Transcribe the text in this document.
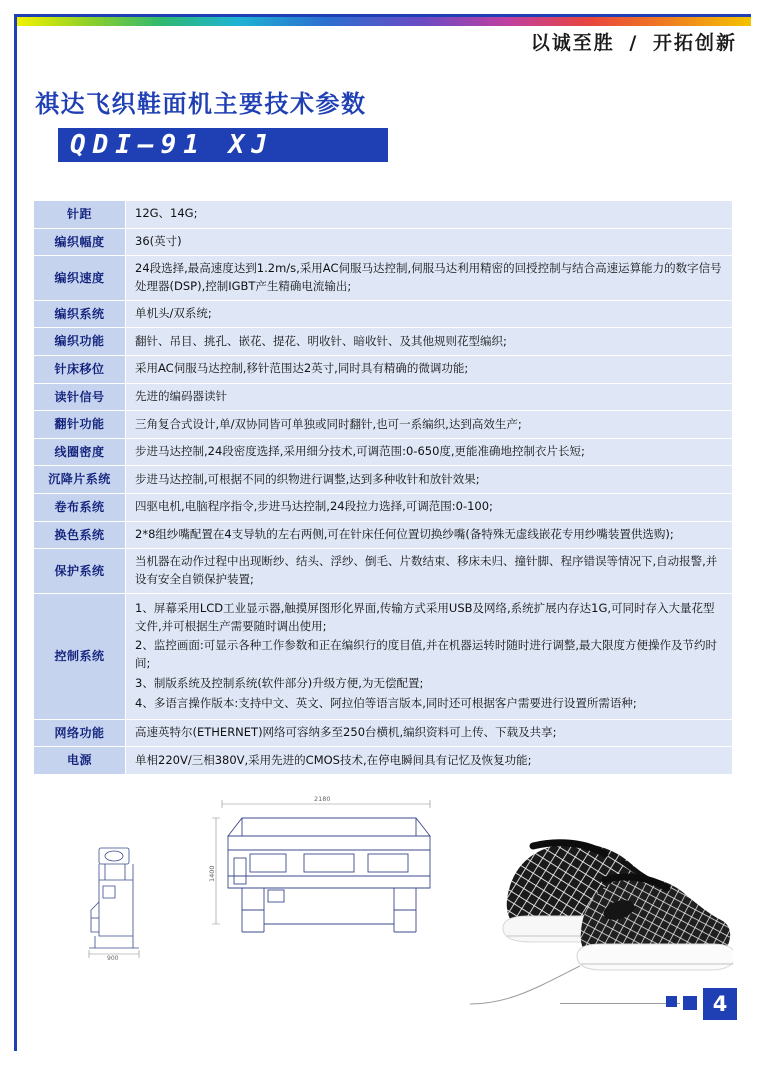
以诚至胜 / 开拓创新
祺达飞织鞋面机主要技术参数
QDI—91 XJ
针距	12G、14G;
编织幅度	36(英寸)
编织速度	24段选择,最高速度达到1.2m/s,采用AC伺服马达控制,伺服马达利用精密的回授控制与结合高速运算能力的数字信号处理器(DSP),控制IGBT产生精确电流输出;
编织系统	单机头/双系统;
编织功能	翻针、吊目、挑孔、嵌花、提花、明收针、暗收针、及其他规则花型编织;
针床移位	采用AC伺服马达控制,移针范围达2英寸,同时具有精确的微调功能;
读针信号	先进的编码器读针
翻针功能	三角复合式设计,单/双协同皆可单独或同时翻针,也可一系编织,达到高效生产;
线圈密度	步进马达控制,24段密度选择,采用细分技术,可调范围:0-650度,更能准确地控制衣片长短;
沉降片系统	步进马达控制,可根据不同的织物进行调整,达到多种收针和放针效果;
卷布系统	四驱电机,电脑程序指令,步进马达控制,24段拉力选择,可调范围:0-100;
换色系统	2*8组纱嘴配置在4支导轨的左右两侧,可在针床任何位置切换纱嘴(备特殊无虚线嵌花专用纱嘴装置供选购);
保护系统	当机器在动作过程中出现断纱、结头、浮纱、倒毛、片数结束、移床未归、撞针脚、程序错误等情况下,自动报警,并设有安全自锁保护装置;
控制系统	
1、屏幕采用LCD工业显示器,触摸屏图形化界面,传输方式采用USB及网络,系统扩展内存达1G,可同时存入大量花型文件,并可根据生产需要随时调出使用;
2、监控画面:可显示各种工作参数和正在编织行的度目值,并在机器运转时随时进行调整,最大限度方便操作及节约时间;
3、制版系统及控制系统(软件部分)升级方便,为无偿配置;
4、多语言操作版本:支持中文、英文、阿拉伯等语言版本,同时还可根据客户需要进行设置所需语种;

网络功能	高速英特尔(ETHERNET)网络可容纳多至250台横机,编织资料可上传、下载及共享;
电源	单相220V/三相380V,采用先进的CMOS技术,在停电瞬间具有记忆及恢复功能;
900
2180
1400
4
